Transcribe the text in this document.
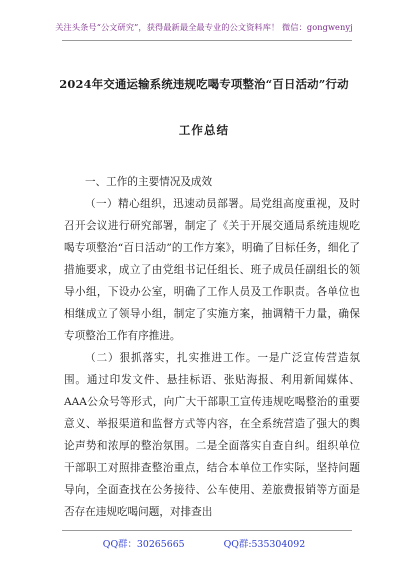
关注头条号“公文研究”，获得最新最全最专业的公文资料库！ 微信：gongwenyj
2024年交通运输系统违规吃喝专项整治“百日活动”行动
工作总结

一、工作的主要情况及成效

（一）精心组织，迅速动员部署。局党组高度重视，及时召开会议进行研究部署，制定了《关于开展交通局系统违规吃喝专项整治“百日活动”的工作方案》，明确了目标任务，细化了措施要求，成立了由党组书记任组长、班子成员任副组长的领导小组，下设办公室，明确了工作人员及工作职责。各单位也相继成立了领导小组，制定了实施方案，抽调精干力量，确保专项整治工作有序推进。

（二）狠抓落实，扎实推进工作。一是广泛宣传营造氛围。通过印发文件、悬挂标语、张贴海报、利用新闻媒体、AAA公众号等形式，向广大干部职工宣传违规吃喝整治的重要意义、举报渠道和监督方式等内容，在全系统营造了强大的舆论声势和浓厚的整治氛围。二是全面落实自查自纠。组织单位干部职工对照排查整治重点，结合本单位工作实际，坚持问题导向，全面查找在公务接待、公车使用、差旅费报销等方面是否存在违规吃喝问题，对排查出

QQ群：30265665	QQ群:535304092
